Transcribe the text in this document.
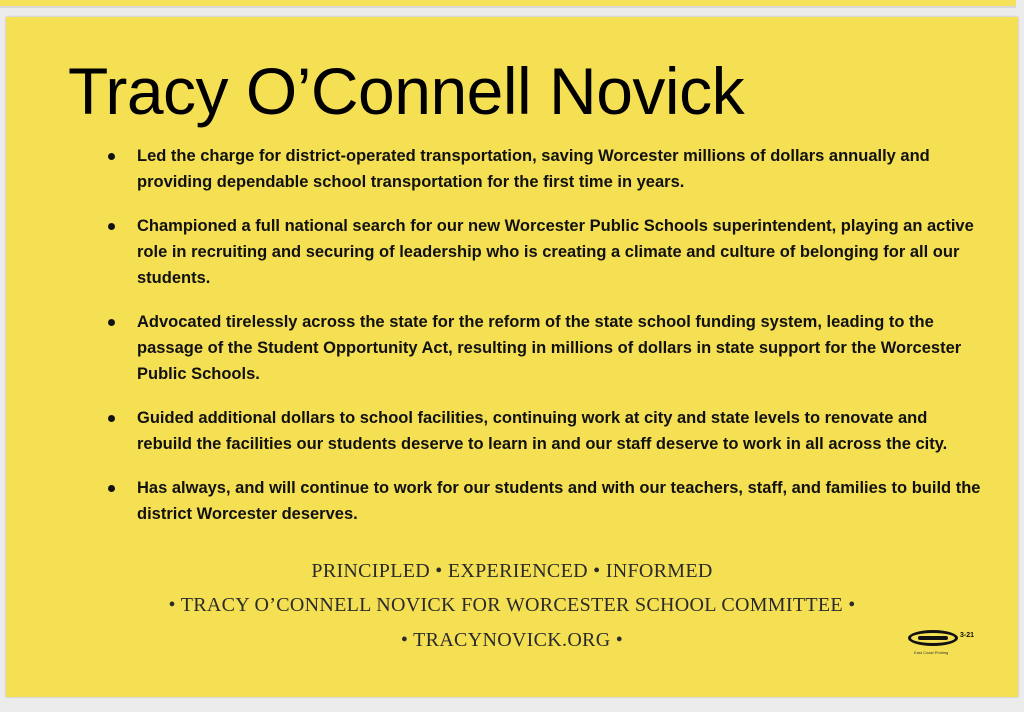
Tracy O’Connell Novick
Led the charge for district-operated transportation, saving Worcester millions of dollars annually and providing dependable school transportation for the first time in years.
Championed a full national search for our new Worcester Public Schools superintendent, playing an active role in recruiting and securing of leadership who is creating a climate and culture of belonging for all our students.
Advocated tirelessly across the state for the reform of the state school funding system, leading to the passage of the Student Opportunity Act, resulting in millions of dollars in state support for the Worcester Public Schools.
Guided additional dollars to school facilities, continuing work at city and state levels to renovate and rebuild the facilities our students deserve to learn in and our staff deserve to work in all across the city.
Has always, and will continue to work for our students and with our teachers, staff, and families to build the district Worcester deserves.

PRINCIPLED • EXPERIENCED • INFORMED

• TRACY O’CONNELL NOVICK FOR WORCESTER SCHOOL COMMITTEE •

• TRACYNOVICK.ORG •	3-21
East Coast Printing
